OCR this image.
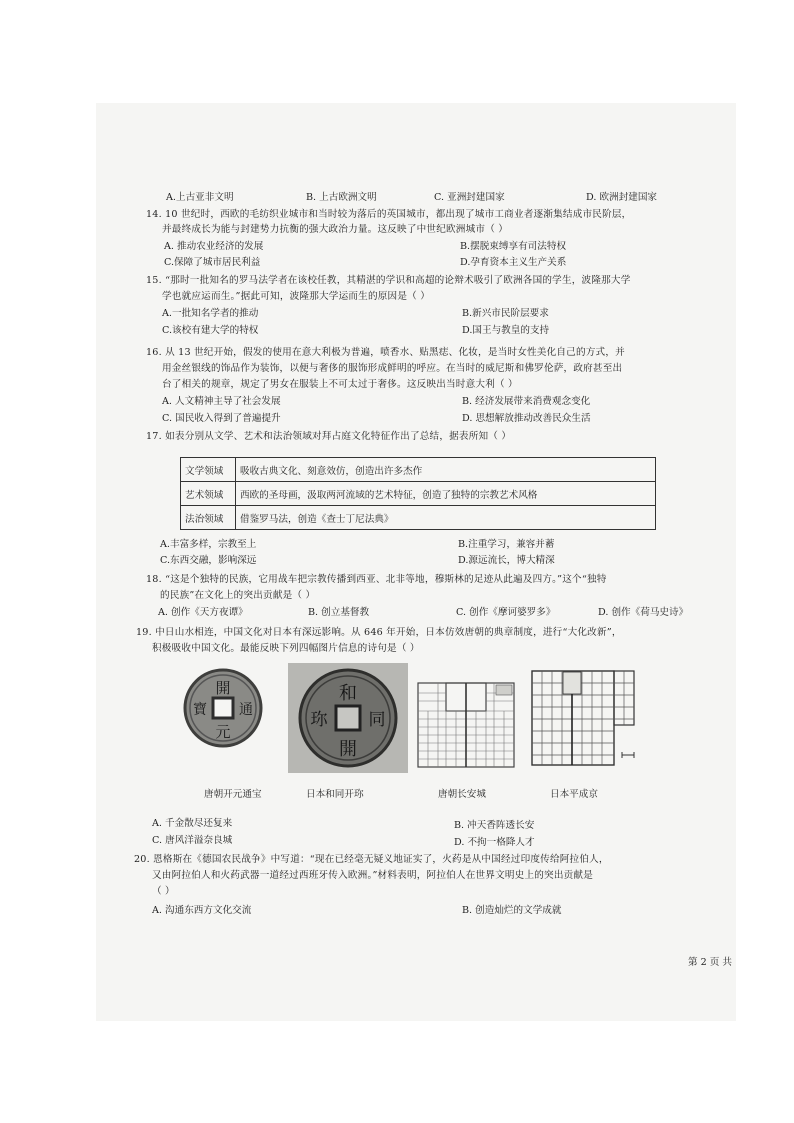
A.上古亚非文明	B. 上古欧洲文明	C. 亚洲封建国家	D. 欧洲封建国家
14. 10 世纪时，西欧的毛纺织业城市和当时较为落后的英国城市，都出现了城市工商业者逐渐集结成市民阶层，
并最终成长为能与封建势力抗衡的强大政治力量。这反映了中世纪欧洲城市（ ）
A. 推动农业经济的发展	B.摆脱束缚享有司法特权
C.保障了城市居民利益	D.孕育资本主义生产关系
15. “那时一批知名的罗马法学者在该校任教，其精湛的学识和高超的论辩术吸引了欧洲各国的学生，波隆那大学
学也就应运而生。”据此可知，波隆那大学运而生的原因是（ ）
A.一批知名学者的推动	B.新兴市民阶层要求
C.该校有建大学的特权	D.国王与教皇的支持
16. 从 13 世纪开始，假发的使用在意大利极为普遍，喷香水、贴黑痣、化妆，是当时女性美化自己的方式，并
用金丝银线的饰品作为装饰，以便与奢侈的服饰形成鲜明的呼应。在当时的威尼斯和佛罗伦萨，政府甚至出
台了相关的规章，规定了男女在服装上不可太过于奢侈。这反映出当时意大利（ ）
A. 人文精神主导了社会发展	B. 经济发展带来消费观念变化
C. 国民收入得到了普遍提升	D. 思想解放推动改善民众生活
17. 如表分别从文学、艺术和法治领域对拜占庭文化特征作出了总结，据表所知（ ）
文学领域	吸收古典文化、刻意效仿，创造出许多杰作
艺术领域	西欧的圣母画，汲取两河流域的艺术特征，创造了独特的宗教艺术风格
法治领域	借鉴罗马法，创造《查士丁尼法典》
A.丰富多样，宗教至上	B.注重学习，兼容并蓄
C.东西交融，影响深远	D.源远流长，博大精深
18. “这是个独特的民族，它用战车把宗教传播到西亚、北非等地，穆斯林的足迹从此遍及四方。”这个“独特
的民族”在文化上的突出贡献是（ ）
A. 创作《天方夜谭》	B. 创立基督教	C. 创作《摩诃婆罗多》	D. 创作《荷马史诗》
19. 中日山水相连，中国文化对日本有深远影响。从 646 年开始，日本仿效唐朝的典章制度，进行“大化改新”，
积极吸收中国文化。最能反映下列四幅图片信息的诗句是（ ）
開
元
通
寶
和
同
開
珎
唐朝开元通宝	日本和同开珎	唐朝长安城	日本平成京
A. 千金散尽还复来	B. 冲天香阵透长安
C. 唐风洋溢奈良城	D. 不拘一格降人才
20. 恩格斯在《德国农民战争》中写道：“现在已经毫无疑义地证实了，火药是从中国经过印度传给阿拉伯人，
又由阿拉伯人和火药武器一道经过西班牙传入欧洲。”材料表明，阿拉伯人在世界文明史上的突出贡献是
（ ）
A. 沟通东西方文化交流	B. 创造灿烂的文学成就
第 2 页 共
